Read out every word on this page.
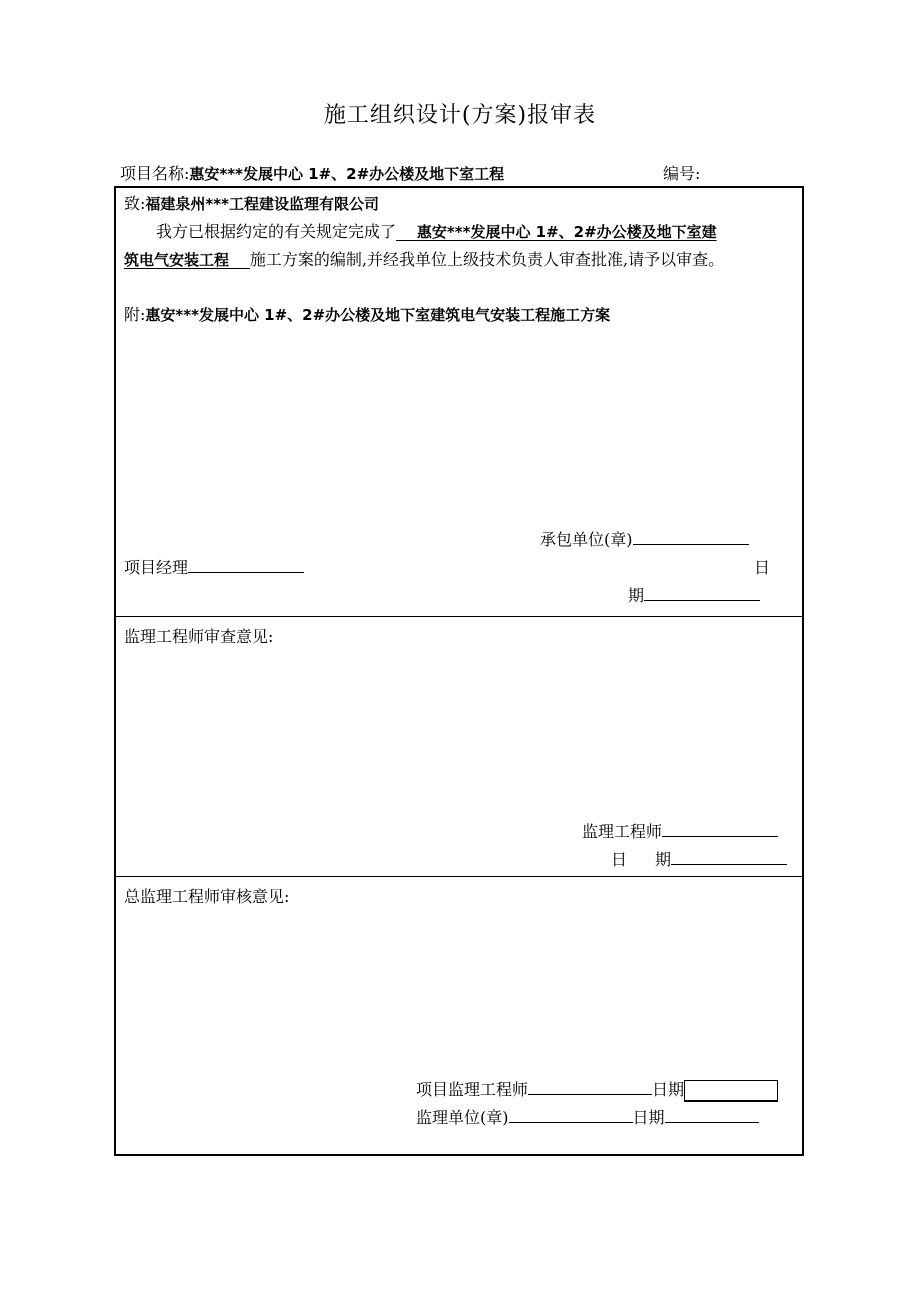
施工组织设计(方案)报审表
项目名称:惠安***发展中心 1#、2#办公楼及地下室工程	编号:
致:福建泉州***工程建设监理有限公司
我方已根据约定的有关规定完成了 惠安***发展中心 1#、2#办公楼及地下室建
筑电气安装工程 施工方案的编制,并经我单位上级技术负责人审查批准,请予以审查。
附:惠安***发展中心 1#、2#办公楼及地下室建筑电气安装工程施工方案
承包单位(章)
项目经理	日
期
监理工程师审查意见:
监理工程师
日 期
总监理工程师审核意见:
项目监理工程师	日期
监理单位(章)	日期
